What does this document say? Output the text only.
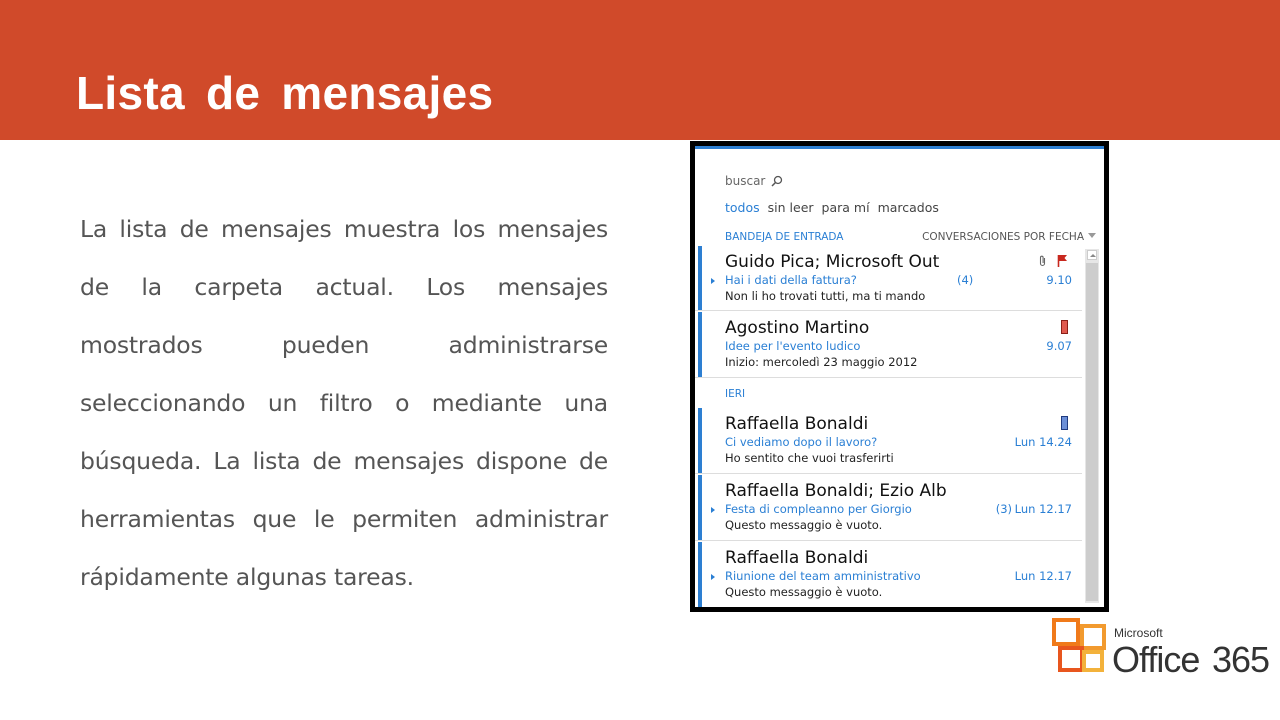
Lista de mensajes

La lista de mensajes muestra los mensajes de la carpeta actual. Los mensajes mostrados pueden administrarse seleccionando un filtro o mediante una búsqueda. La lista de mensajes dispone de herramientas que le permiten administrar rápidamente algunas tareas.

buscar
todos sin leer para mí marcados
BANDEJA DE ENTRADA	CONVERSACIONES POR FECHA
Guido Pica; Microsoft Out
Hai i dati della fattura?	(4)	9.10
Non li ho trovati tutti, ma ti mando
Agostino Martino
Idee per l'evento ludico	9.07
Inizio: mercoledì 23 maggio 2012
IERI
Raffaella Bonaldi
Ci vediamo dopo il lavoro?	Lun 14.24
Ho sentito che vuoi trasferirti
Raffaella Bonaldi; Ezio Alb
Festa di compleanno per Giorgio	(3) Lun 12.17
Questo messaggio è vuoto.
Raffaella Bonaldi
Riunione del team amministrativo	Lun 12.17
Questo messaggio è vuoto.
Microsoft
Office 365
